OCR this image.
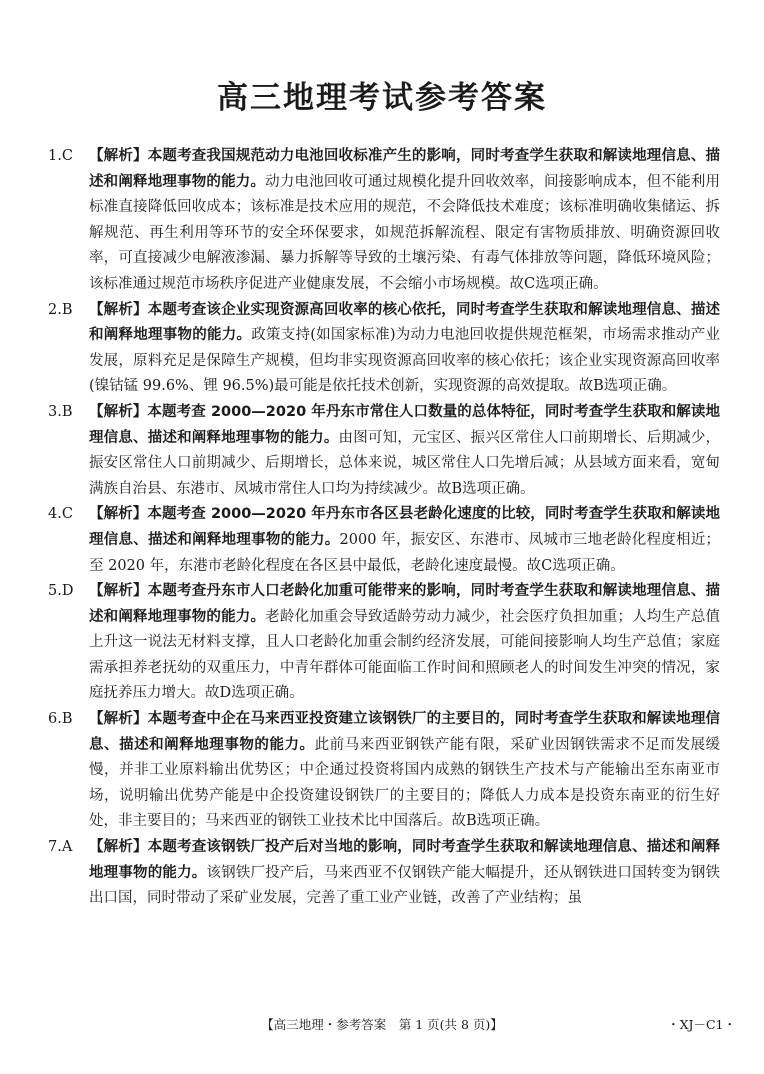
高三地理考试参考答案
1.C	【解析】本题考查我国规范动力电池回收标准产生的影响，同时考查学生获取和解读地理信息、描述和阐释地理事物的能力。动力电池回收可通过规模化提升回收效率，间接影响成本，但不能利用标准直接降低回收成本；该标准是技术应用的规范，不会降低技术难度；该标准明确收集储运、拆解规范、再生利用等环节的安全环保要求，如规范拆解流程、限定有害物质排放、明确资源回收率，可直接减少电解液渗漏、暴力拆解等导致的土壤污染、有毒气体排放等问题，降低环境风险；该标准通过规范市场秩序促进产业健康发展，不会缩小市场规模。故C选项正确。
2.B	【解析】本题考查该企业实现资源高回收率的核心依托，同时考查学生获取和解读地理信息、描述和阐释地理事物的能力。政策支持(如国家标准)为动力电池回收提供规范框架，市场需求推动产业发展，原料充足是保障生产规模，但均非实现资源高回收率的核心依托；该企业实现资源高回收率(镍钴锰 99.6%、锂 96.5%)最可能是依托技术创新，实现资源的高效提取。故B选项正确。
3.B	【解析】本题考查 2000—2020 年丹东市常住人口数量的总体特征，同时考查学生获取和解读地理信息、描述和阐释地理事物的能力。由图可知，元宝区、振兴区常住人口前期增长、后期减少，振安区常住人口前期减少、后期增长，总体来说，城区常住人口先增后减；从县域方面来看，宽甸满族自治县、东港市、凤城市常住人口均为持续减少。故B选项正确。
4.C	【解析】本题考查 2000—2020 年丹东市各区县老龄化速度的比较，同时考查学生获取和解读地理信息、描述和阐释地理事物的能力。2000 年，振安区、东港市、凤城市三地老龄化程度相近；至 2020 年，东港市老龄化程度在各区县中最低，老龄化速度最慢。故C选项正确。
5.D	【解析】本题考查丹东市人口老龄化加重可能带来的影响，同时考查学生获取和解读地理信息、描述和阐释地理事物的能力。老龄化加重会导致适龄劳动力减少，社会医疗负担加重；人均生产总值上升这一说法无材料支撑，且人口老龄化加重会制约经济发展，可能间接影响人均生产总值；家庭需承担养老抚幼的双重压力，中青年群体可能面临工作时间和照顾老人的时间发生冲突的情况，家庭抚养压力增大。故D选项正确。
6.B	【解析】本题考查中企在马来西亚投资建立该钢铁厂的主要目的，同时考查学生获取和解读地理信息、描述和阐释地理事物的能力。此前马来西亚钢铁产能有限，采矿业因钢铁需求不足而发展缓慢，并非工业原料输出优势区；中企通过投资将国内成熟的钢铁生产技术与产能输出至东南亚市场，说明输出优势产能是中企投资建设钢铁厂的主要目的；降低人力成本是投资东南亚的衍生好处，非主要目的；马来西亚的钢铁工业技术比中国落后。故B选项正确。
7.A	【解析】本题考查该钢铁厂投产后对当地的影响，同时考查学生获取和解读地理信息、描述和阐释地理事物的能力。该钢铁厂投产后，马来西亚不仅钢铁产能大幅提升，还从钢铁进口国转变为钢铁出口国，同时带动了采矿业发展，完善了重工业产业链，改善了产业结构；虽
【高三地理・参考答案　第 1 页(共 8 页)】	・XJ－C1・
